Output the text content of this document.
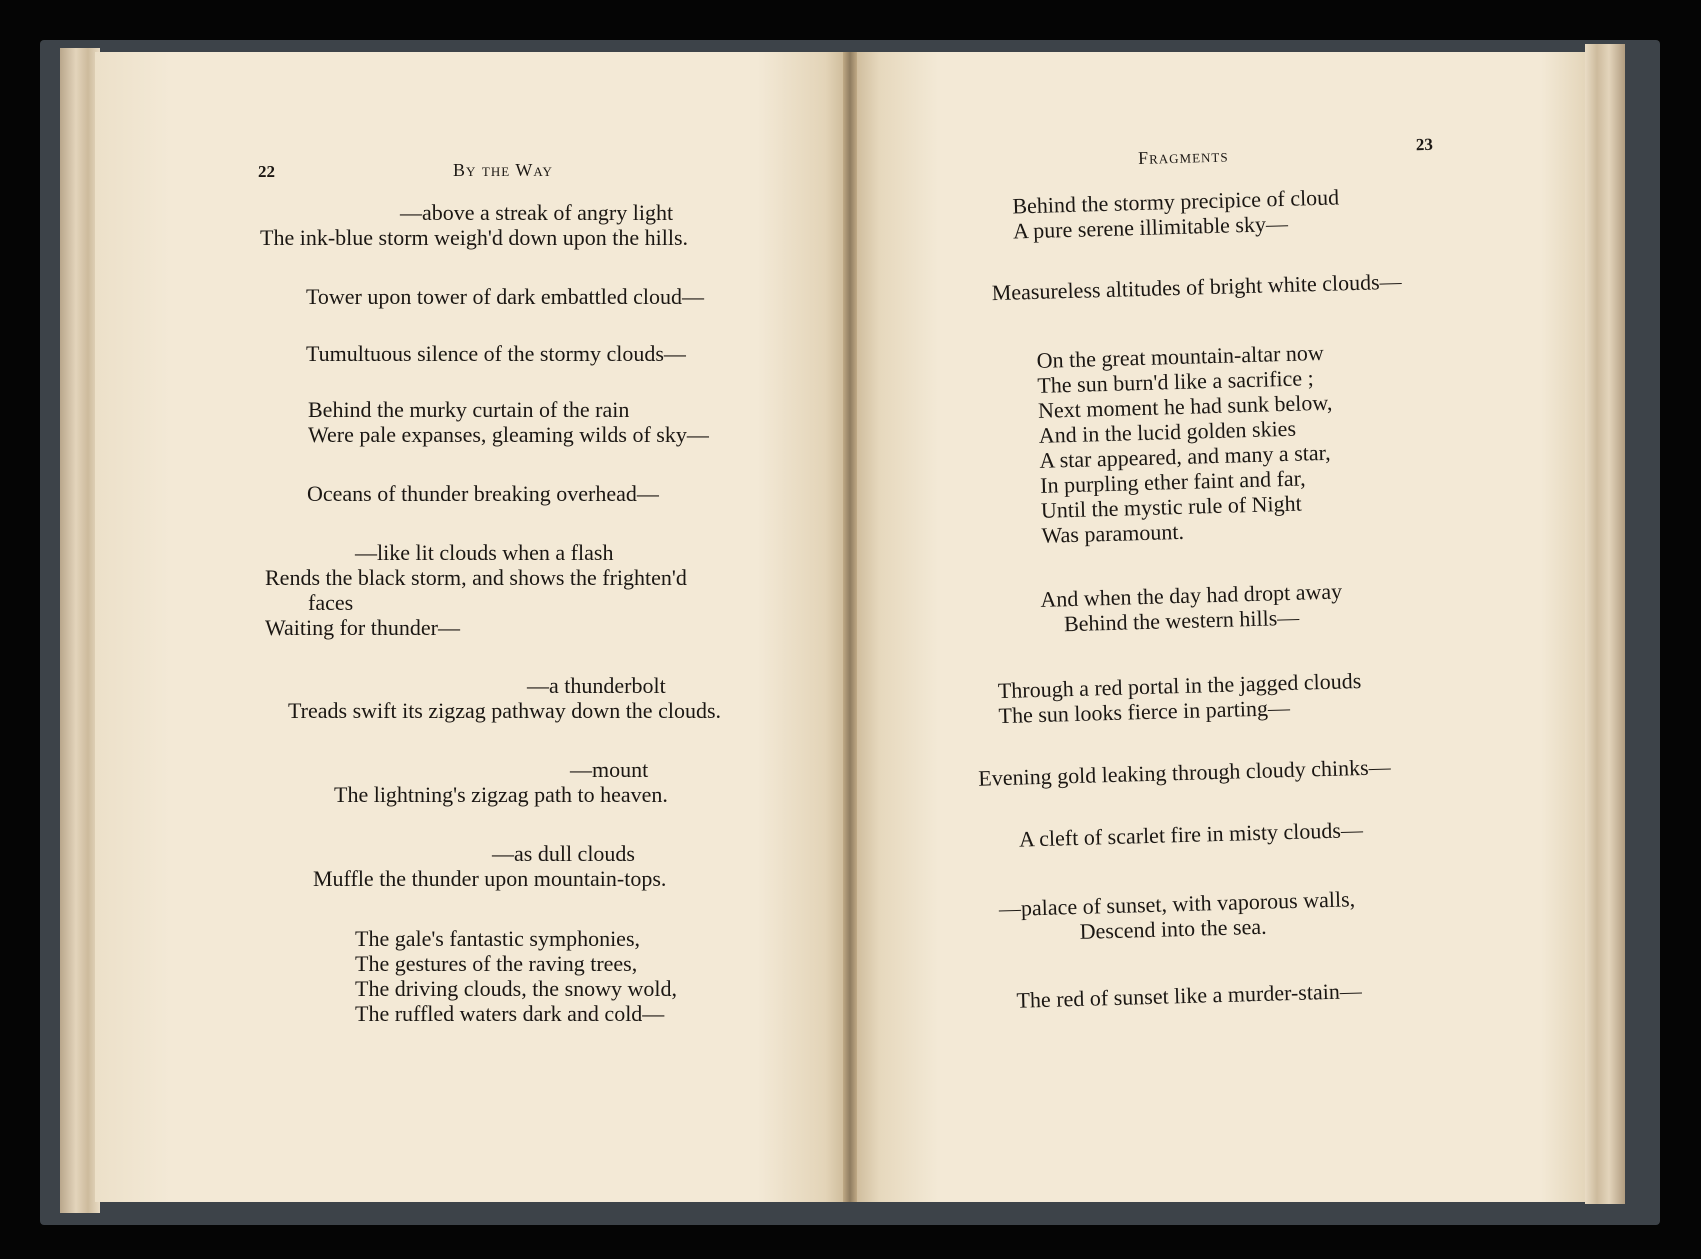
22	By the Way
—above a streak of angry light
The ink-blue storm weigh'd down upon the hills.
Tower upon tower of dark embattled cloud—
Tumultuous silence of the stormy clouds—
Behind the murky curtain of the rain
Were pale expanses, gleaming wilds of sky—
Oceans of thunder breaking overhead—
—like lit clouds when a flash
Rends the black storm, and shows the frighten'd
faces
Waiting for thunder—
—a thunderbolt
Treads swift its zigzag pathway down the clouds.
—mount
The lightning's zigzag path to heaven.
—as dull clouds
Muffle the thunder upon mountain-tops.
The gale's fantastic symphonies,
The gestures of the raving trees,
The driving clouds, the snowy wold,
The ruffled waters dark and cold—
Fragments
23
Behind the stormy precipice of cloud
A pure serene illimitable sky—
Measureless altitudes of bright white clouds—
On the great mountain-altar now
The sun burn'd like a sacrifice ;
Next moment he had sunk below,
And in the lucid golden skies
A star appeared, and many a star,
In purpling ether faint and far,
Until the mystic rule of Night
Was paramount.
And when the day had dropt away
Behind the western hills—
Through a red portal in the jagged clouds
The sun looks fierce in parting—
Evening gold leaking through cloudy chinks—
A cleft of scarlet fire in misty clouds—
—palace of sunset, with vaporous walls,
Descend into the sea.
The red of sunset like a murder-stain—
